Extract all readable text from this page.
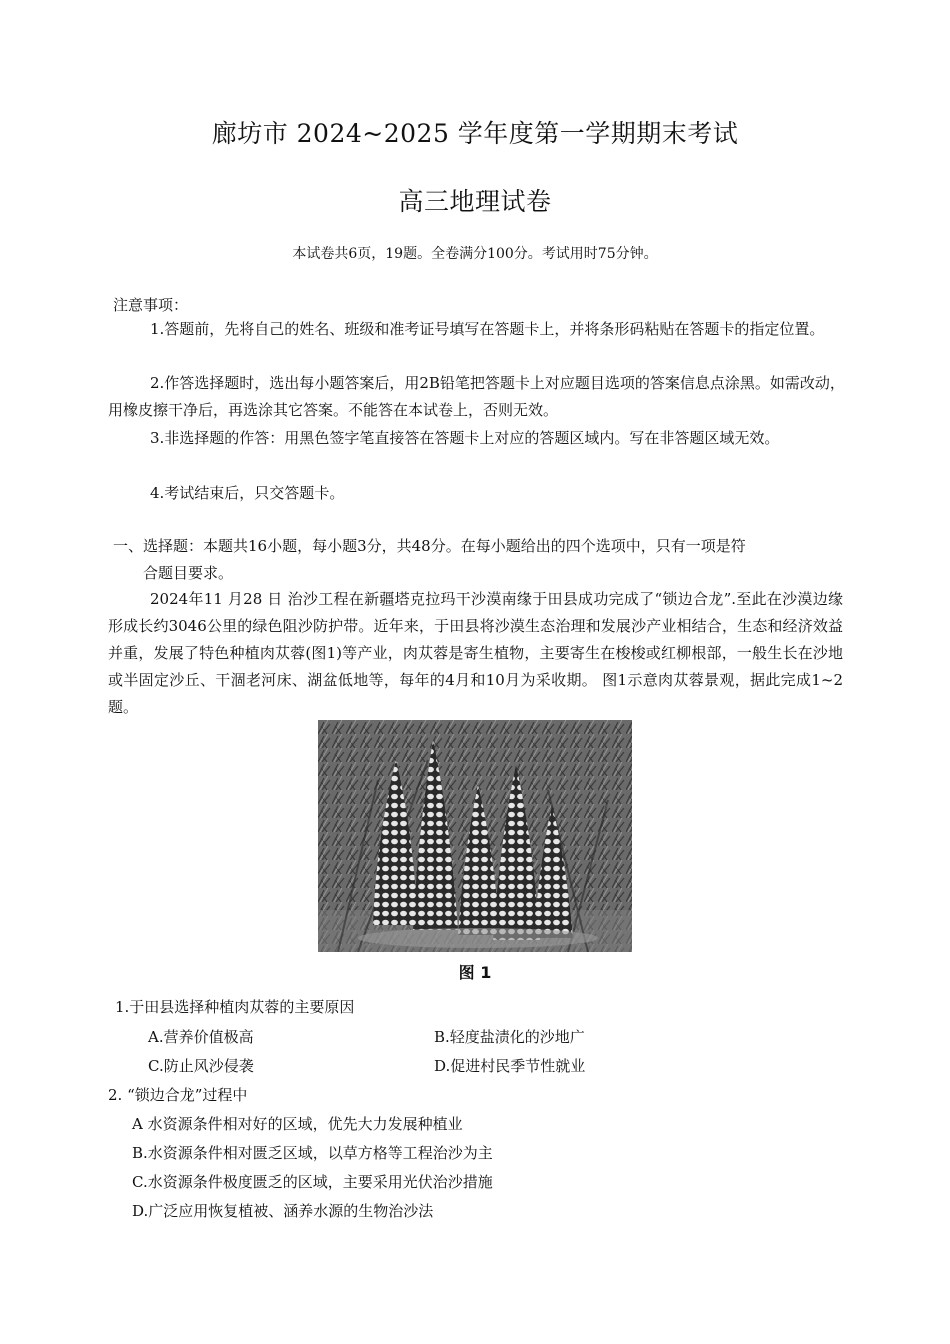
廊坊市 2024~2025 学年度第一学期期末考试
高三地理试卷
本试卷共6页，19题。全卷满分100分。考试用时75分钟。
注意事项：
1.答题前，先将自己的姓名、班级和准考证号填写在答题卡上，并将条形码粘贴在答题卡的指定位置。
2.作答选择题时，选出每小题答案后，用2B铅笔把答题卡上对应题目选项的答案信息点涂黑。如需改动，用橡皮擦干净后，再选涂其它答案。不能答在本试卷上，否则无效。
3.非选择题的作答：用黑色签字笔直接答在答题卡上对应的答题区域内。写在非答题区域无效。
4.考试结束后，只交答题卡。
一、选择题：本题共16小题，每小题3分，共48分。在每小题给出的四个选项中，只有一项是符
合题目要求。
2024年11 月28 日 治沙工程在新疆塔克拉玛干沙漠南缘于田县成功完成了“锁边合龙”.至此在沙漠边缘形成长约3046公里的绿色阻沙防护带。近年来，于田县将沙漠生态治理和发展沙产业相结合，生态和经济效益并重，发展了特色种植肉苁蓉(图1)等产业，肉苁蓉是寄生植物，主要寄生在梭梭或红柳根部，一般生长在沙地或半固定沙丘、干涸老河床、湖盆低地等，每年的4月和10月为采收期。 图1示意肉苁蓉景观，据此完成1~2题。
图 1
1.于田县选择种植肉苁蓉的主要原因
A.营养价值极高	B.轻度盐渍化的沙地广
C.防止风沙侵袭	D.促进村民季节性就业
2. “锁边合龙”过程中
A 水资源条件相对好的区域，优先大力发展种植业
B.水资源条件相对匮乏区域，以草方格等工程治沙为主
C.水资源条件极度匮乏的区域，主要采用光伏治沙措施
D.广泛应用恢复植被、涵养水源的生物治沙法
